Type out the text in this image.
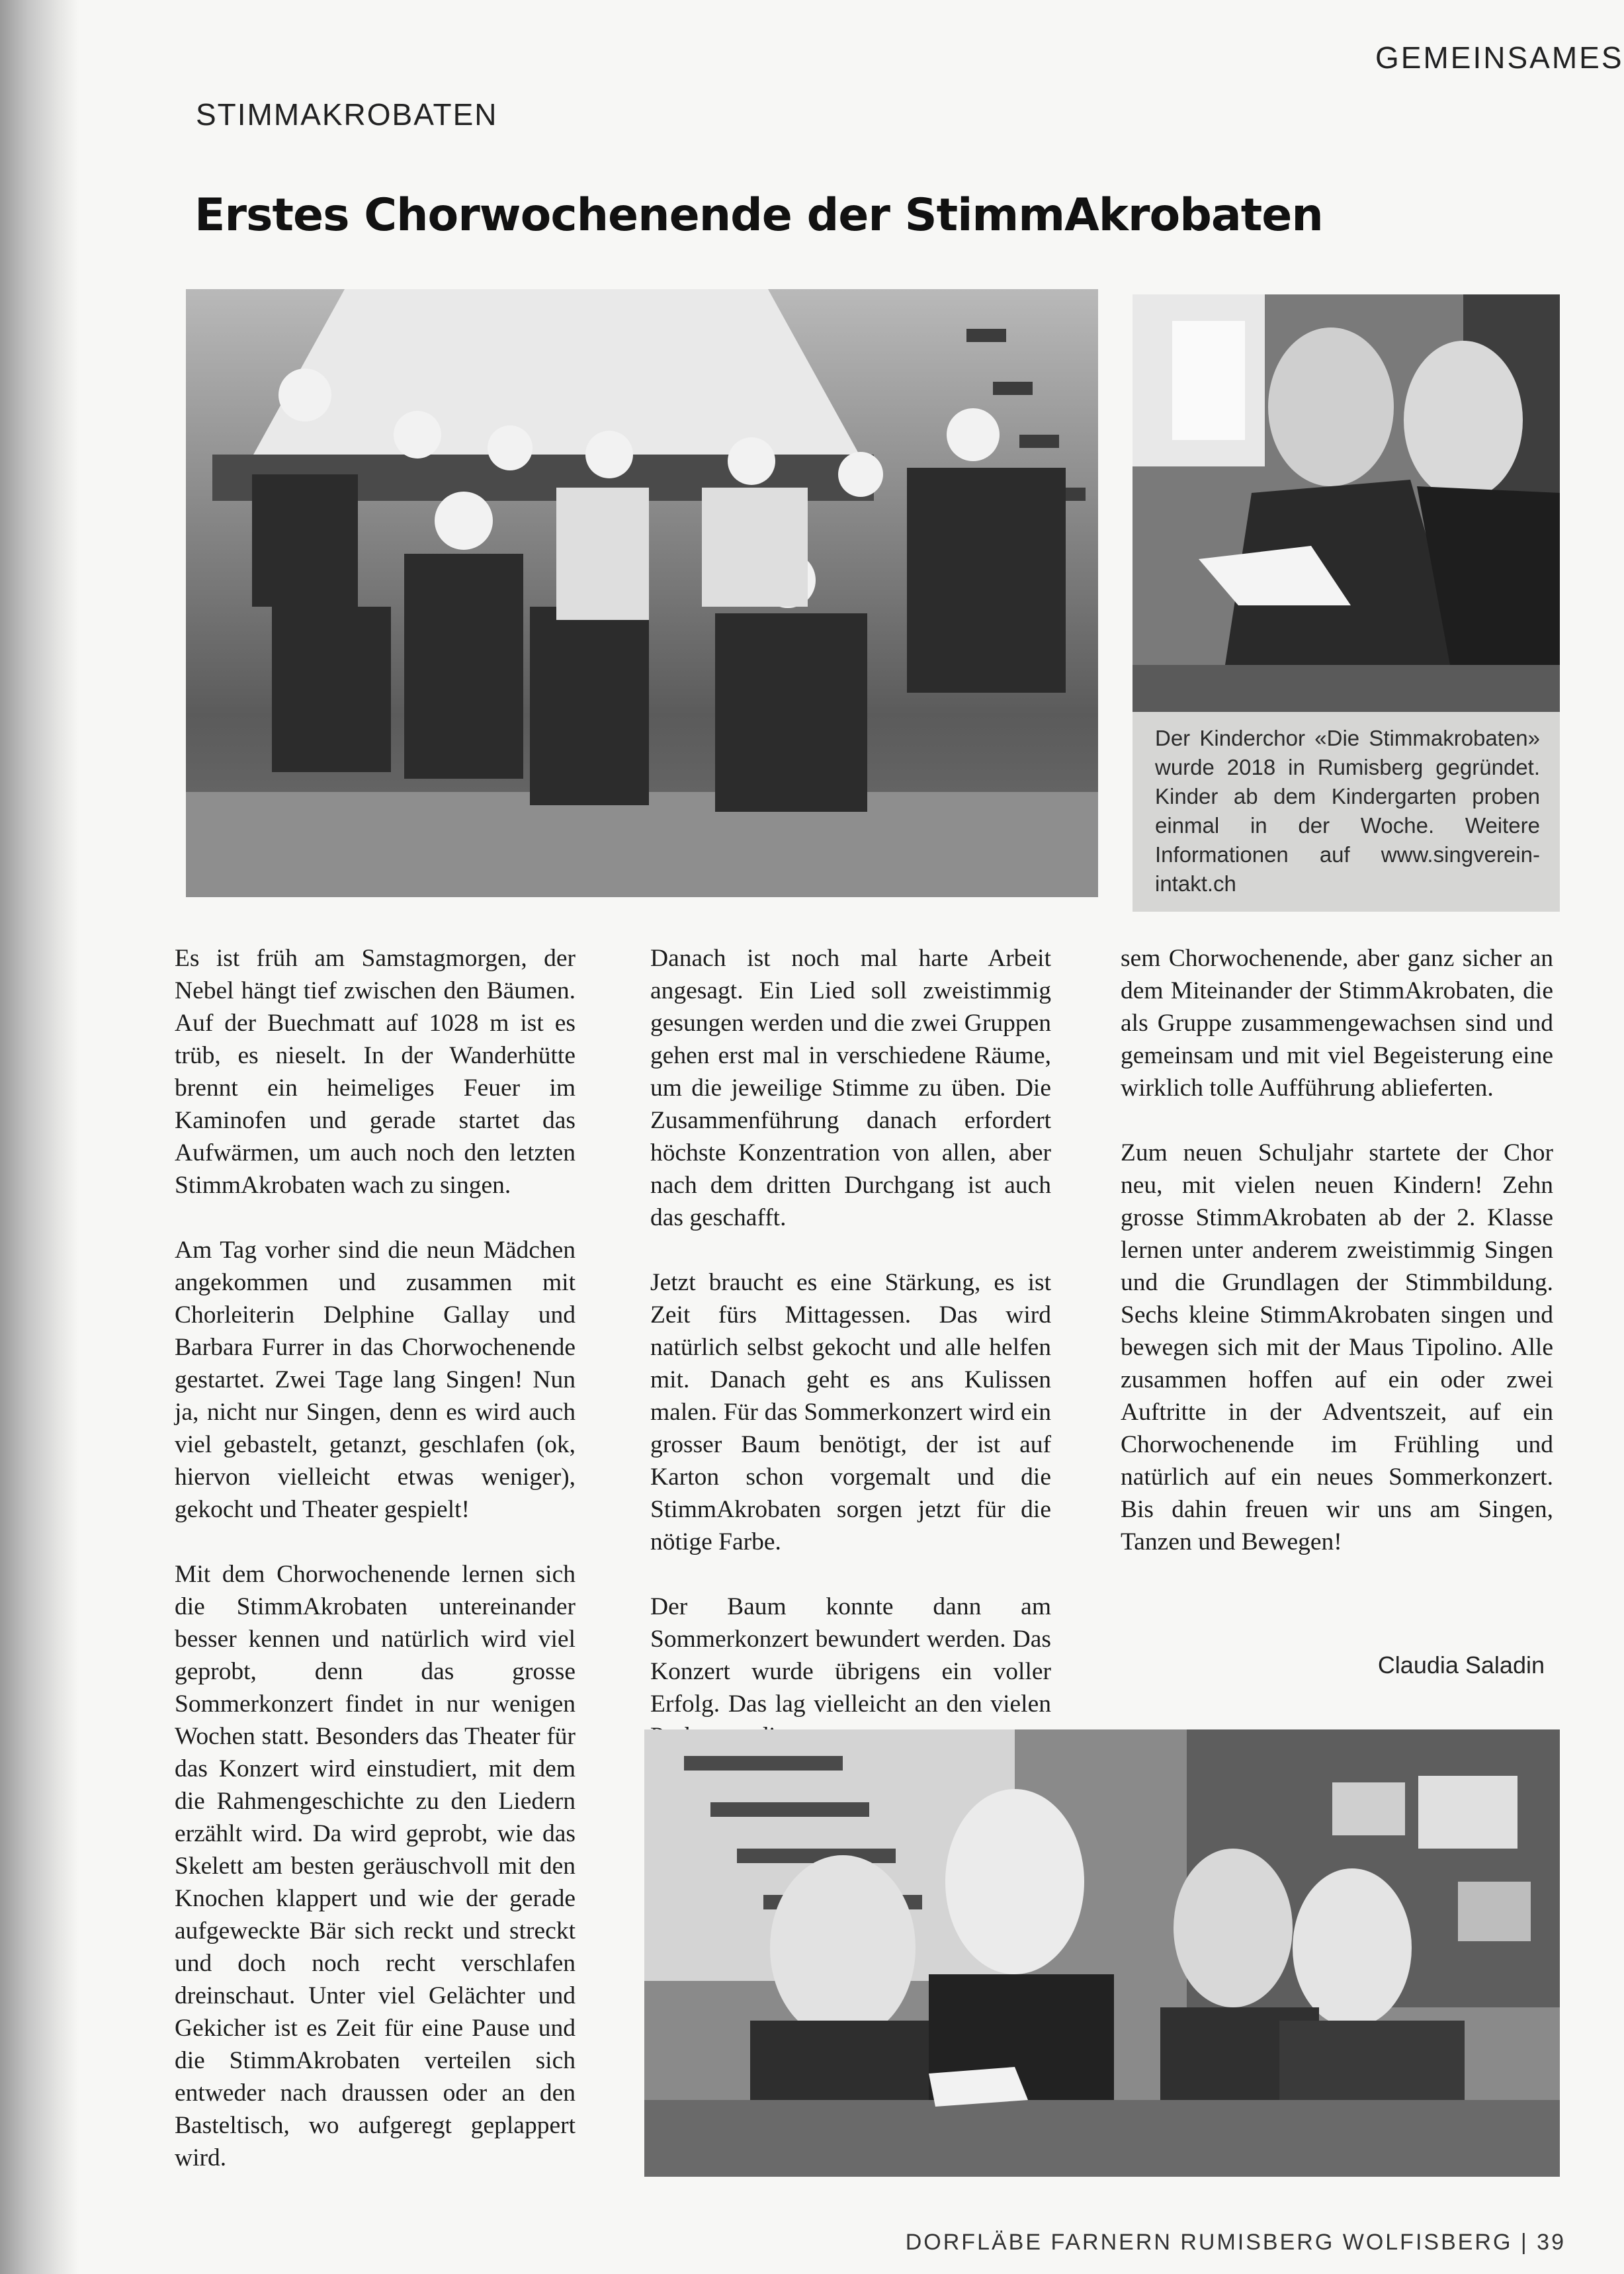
GEMEINSAMES
STIMMAKROBATEN
Erstes Chorwochenende der StimmAkrobaten
Der Kinderchor «Die Stimmakrobaten» wurde 2018 in Rumisberg gegründet. Kinder ab dem Kindergarten proben einmal in der Woche. Weitere Informationen auf www.singverein-intakt.ch

Es ist früh am Samstagmorgen, der Nebel hängt tief zwischen den Bäumen. Auf der Buechmatt auf 1028 m ist es trüb, es nieselt. In der Wanderhütte brennt ein heimeliges Feuer im Kaminofen und gerade startet das Aufwärmen, um auch noch den letzten StimmAkrobaten wach zu singen.

Am Tag vorher sind die neun Mädchen angekommen und zusammen mit Chorleiterin Delphine Gallay und Barbara Furrer in das Chorwochenende gestartet. Zwei Tage lang Singen! Nun ja, nicht nur Singen, denn es wird auch viel gebastelt, getanzt, geschlafen (ok, hiervon vielleicht etwas weniger), gekocht und Theater gespielt!

Mit dem Chorwochenende lernen sich die StimmAkrobaten untereinander besser kennen und natürlich wird viel geprobt, denn das grosse Sommerkonzert findet in nur wenigen Wochen statt. Besonders das Theater für das Konzert wird einstudiert, mit dem die Rahmengeschichte zu den Liedern erzählt wird. Da wird geprobt, wie das Skelett am besten geräuschvoll mit den Knochen klappert und wie der gerade aufgeweckte Bär sich reckt und streckt und doch noch recht verschlafen dreinschaut. Unter viel Gelächter und Gekicher ist es Zeit für eine Pause und die StimmAkrobaten verteilen sich entweder nach draussen oder an den Basteltisch, wo aufgeregt geplappert wird.

Danach ist noch mal harte Arbeit angesagt. Ein Lied soll zweistimmig gesungen werden und die zwei Gruppen gehen erst mal in verschiedene Räume, um die jeweilige Stimme zu üben. Die Zusammenführung danach erfordert höchste Konzentration von allen, aber nach dem dritten Durchgang ist auch das geschafft.

Jetzt braucht es eine Stärkung, es ist Zeit fürs Mittagessen. Das wird natürlich selbst gekocht und alle helfen mit. Danach geht es ans Kulissen malen. Für das Sommerkonzert wird ein grosser Baum benötigt, der ist auf Karton schon vorgemalt und die StimmAkrobaten sorgen jetzt für die nötige Farbe.

Der Baum konnte dann am Sommerkonzert bewundert werden. Das Konzert wurde übrigens ein voller Erfolg. Das lag vielleicht an den vielen

sem Chorwochenende, aber ganz sicher an dem Miteinander der StimmAkrobaten, die als Gruppe zusammengewachsen sind und gemeinsam und mit viel Begeisterung eine wirklich tolle Aufführung ablieferten.

Zum neuen Schuljahr startete der Chor neu, mit vielen neuen Kindern! Zehn grosse StimmAkrobaten ab der 2. Klasse lernen unter anderem zweistimmig Singen und die Grundlagen der Stimmbildung. Sechs kleine StimmAkrobaten singen und bewegen sich mit der Maus Tipolino. Alle zusammen hoffen auf ein oder zwei Auftritte in der Adventszeit, auf ein Chorwochenende im Frühling und natürlich auf ein neues Sommerkonzert. Bis dahin freuen wir uns am Singen, Tanzen und Bewegen!

Claudia Saladin
DORFLÄBE FARNERN RUMISBERG WOLFISBERG | 39
